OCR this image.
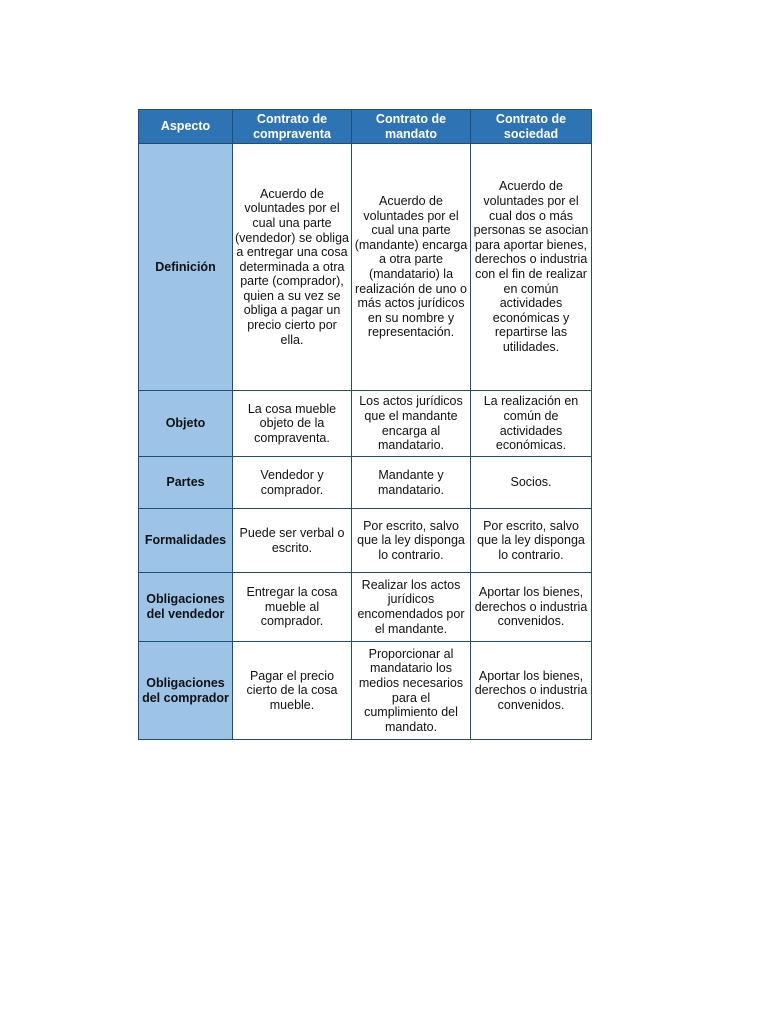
Aspecto	Contrato de compraventa	Contrato de mandato	Contrato de sociedad
Definición	Acuerdo de voluntades por el cual una parte (vendedor) se obliga a entregar una cosa determinada a otra parte (comprador), quien a su vez se obliga a pagar un precio cierto por ella.	Acuerdo de voluntades por el cual una parte (mandante) encarga a otra parte (mandatario) la realización de uno o más actos jurídicos en su nombre y representación.	Acuerdo de voluntades por el cual dos o más personas se asocian para aportar bienes, derechos o industria con el fin de realizar en común actividades económicas y repartirse las utilidades.
Objeto	La cosa mueble objeto de la compraventa.	Los actos jurídicos que el mandante encarga al mandatario.	La realización en común de actividades económicas.
Partes	Vendedor y comprador.	Mandante y mandatario.	Socios.
Formalidades	Puede ser verbal o escrito.	Por escrito, salvo que la ley disponga lo contrario.	Por escrito, salvo que la ley disponga lo contrario.
Obligaciones del vendedor	Entregar la cosa mueble al comprador.	Realizar los actos jurídicos encomendados por el mandante.	Aportar los bienes, derechos o industria convenidos.
Obligaciones del comprador	Pagar el precio cierto de la cosa mueble.	Proporcionar al mandatario los medios necesarios para el cumplimiento del mandato.	Aportar los bienes, derechos o industria convenidos.
